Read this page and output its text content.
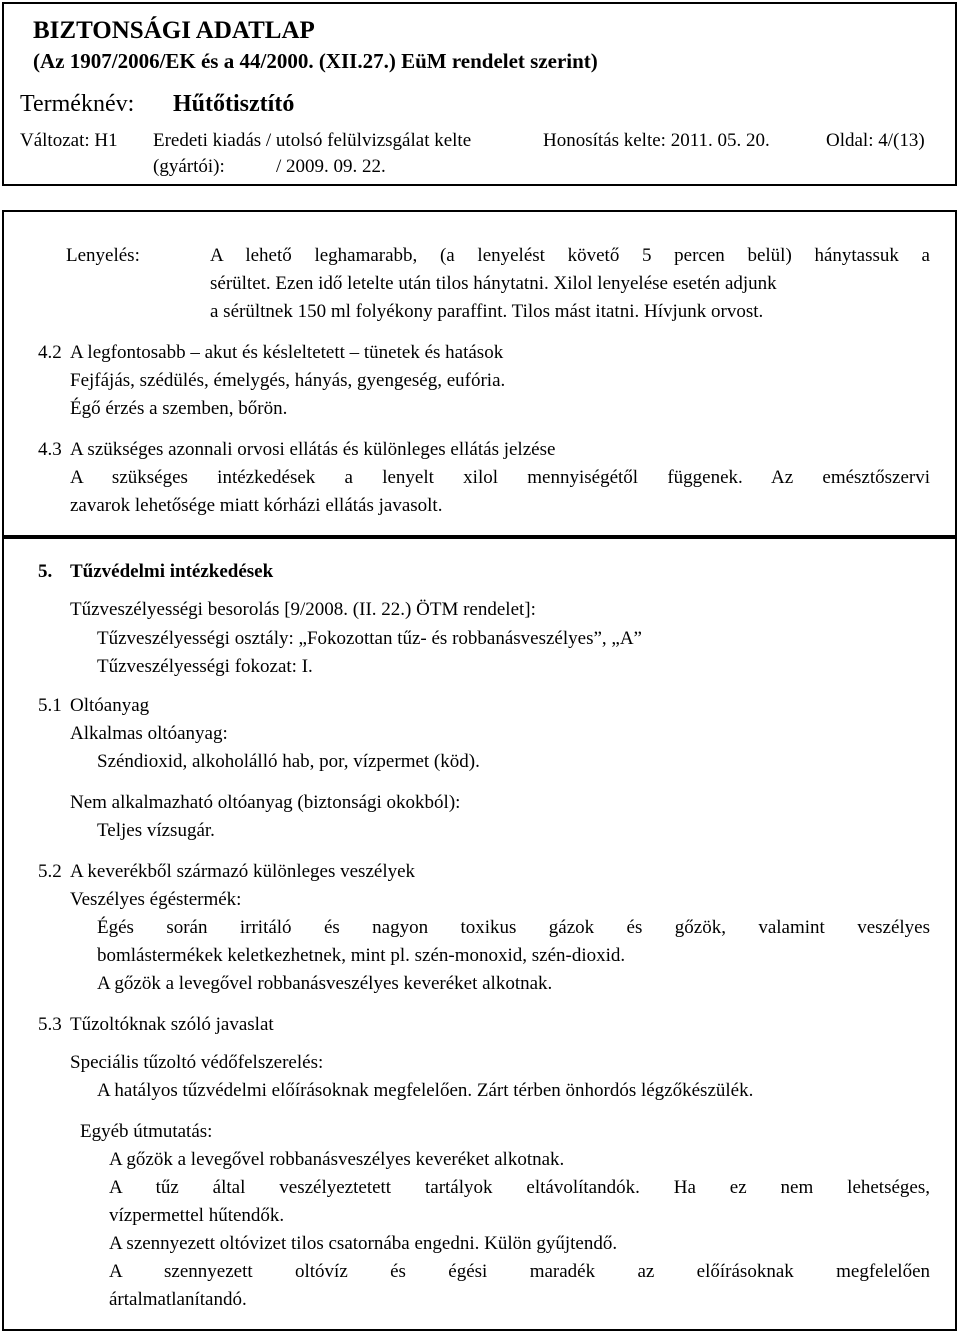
BIZTONSÁGI ADATLAP
(Az 1907/2006/EK és a 44/2000. (XII.27.) EüM rendelet szerint)
Terméknév: Hűtőtisztító
Változat: H1 Eredeti kiadás / utolsó felülvizsgálat kelte
(gyártói):	/ 2009. 09. 22.
Honosítás kelte: 2011. 05. 20.	Oldal: 4/(13)
Lenyelés:	A lehető leghamarabb, (a lenyelést követő 5 percen belül) hánytassuk a
sérültet. Ezen idő letelte után tilos hánytatni. Xilol lenyelése esetén adjunk
a sérültnek 150 ml folyékony paraffint. Tilos mást itatni. Hívjunk orvost.
4.2 A legfontosabb – akut és késleltetett – tünetek és hatások
Fejfájás, szédülés, émelygés, hányás, gyengeség, eufória.
Égő érzés a szemben, bőrön.
4.3 A szükséges azonnali orvosi ellátás és különleges ellátás jelzése
A szükséges intézkedések a lenyelt xilol mennyiségétől függenek. Az emésztőszervi
zavarok lehetősége miatt kórházi ellátás javasolt.
5. Tűzvédelmi intézkedések
Tűzveszélyességi besorolás [9/2008. (II. 22.) ÖTM rendelet]:
Tűzveszélyességi osztály: „Fokozottan tűz- és robbanásveszélyes”, „A”
Tűzveszélyességi fokozat: I.
5.1 Oltóanyag
Alkalmas oltóanyag:
Széndioxid, alkoholálló hab, por, vízpermet (köd).
Nem alkalmazható oltóanyag (biztonsági okokból):
Teljes vízsugár.
5.2 A keverékből származó különleges veszélyek
Veszélyes égéstermék:
Égés során irritáló és nagyon toxikus gázok és gőzök, valamint veszélyes
bomlástermékek keletkezhetnek, mint pl. szén-monoxid, szén-dioxid.
A gőzök a levegővel robbanásveszélyes keveréket alkotnak.
5.3 Tűzoltóknak szóló javaslat
Speciális tűzoltó védőfelszerelés:
A hatályos tűzvédelmi előírásoknak megfelelően. Zárt térben önhordós légzőkészülék.
Egyéb útmutatás:
A gőzök a levegővel robbanásveszélyes keveréket alkotnak.
A tűz által veszélyeztetett tartályok eltávolítandók. Ha ez nem lehetséges,
vízpermettel hűtendők.
A szennyezett oltóvizet tilos csatornába engedni. Külön gyűjtendő.
A szennyezett oltóvíz és égési maradék az előírásoknak megfelelően
ártalmatlanítandó.
